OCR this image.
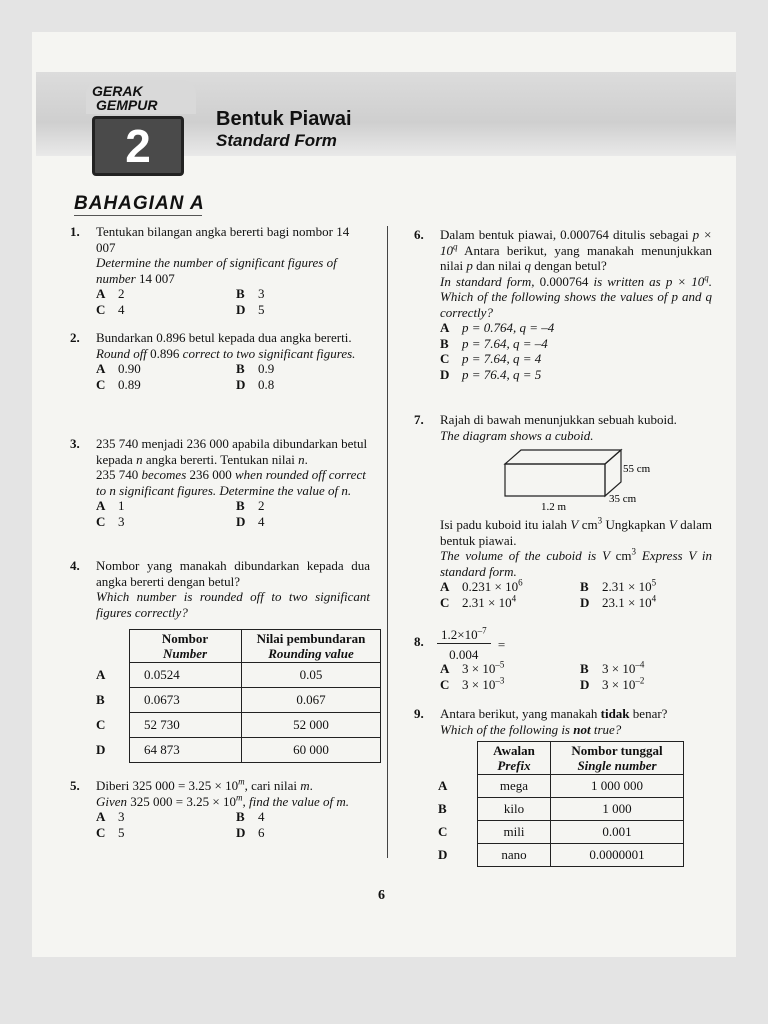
GERAK
GEMPUR
2
Bentuk Piawai
Standard Form
BAHAGIAN A
1. Tentukan bilangan angka bererti bagi nombor 14 007
Determine the number of significant figures of number 14 007
A 2	B 3
C 4	D 5
2. Bundarkan 0.896 betul kepada dua angka bererti.
Round off 0.896 correct to two significant figures.
A 0.90	B 0.9
C 0.89	D 0.8
3. 235 740 menjadi 236 000 apabila dibundarkan betul kepada n angka bererti. Tentukan nilai n.
235 740 becomes 236 000 when rounded off correct to n significant figures. Determine the value of n.
A 1	B 2
C 3	D 4
4. Nombor yang manakah dibundarkan kepada dua angka bererti dengan betul?
Which number is rounded off to two significant figures correctly?
	Nombor
Number	Nilai pembundaran
Rounding value
A	0.0524	0.05
B	0.0673	0.067
C	52 730	52 000
D	64 873	60 000
5. Diberi 325 $000 = 3.25 \times 10^m$, cari nilai m.
Given 325 $000 = 3.25 \times 10^m$, find the value of m.
A 3	B 4
C 5	D 6
6. Dalam bentuk piawai, 0.000764 ditulis sebagai $p \times 10^q$ Antara berikut, yang manakah menunjukkan nilai p dan nilai q dengan betul?
In standard form, 0.000764 is written as $p \times 10^q$. Which of the following shows the values of p and q correctly?
A p = 0.764, q = –4
B p = 7.64, q = –4
C p = 7.64, q = 4
D p = 76.4, q = 5
7. Rajah di bawah menunjukkan sebuah kuboid.
The diagram shows a cuboid.
55 cm
35 cm
1.2 m
Isi padu kuboid itu ialah V $cm^3$ Ungkapkan V dalam bentuk piawai.
The volume of the cuboid is V $cm^3$ Express V in standard form.
A $0.231 \times 10^6$	B $2.31 \times 10^5$
C $2.31 \times 10^4$	D $23.1 \times 10^4$
8. $\frac{1.2\times 10^{-7}}{0.004}$ =
A $3 \times 10^{-5}$	B $3 \times 10^{-4}$
C $3 \times 10^{-3}$	D $3 \times 10^{-2}$
9. Antara berikut, yang manakah tidak benar?
Which of the following is not true?
	Awalan
Prefix	Nombor tunggal
Single number
A	mega	1 000 000
B	kilo	1 000
C	mili	0.001
D	nano	0.0000001
6
